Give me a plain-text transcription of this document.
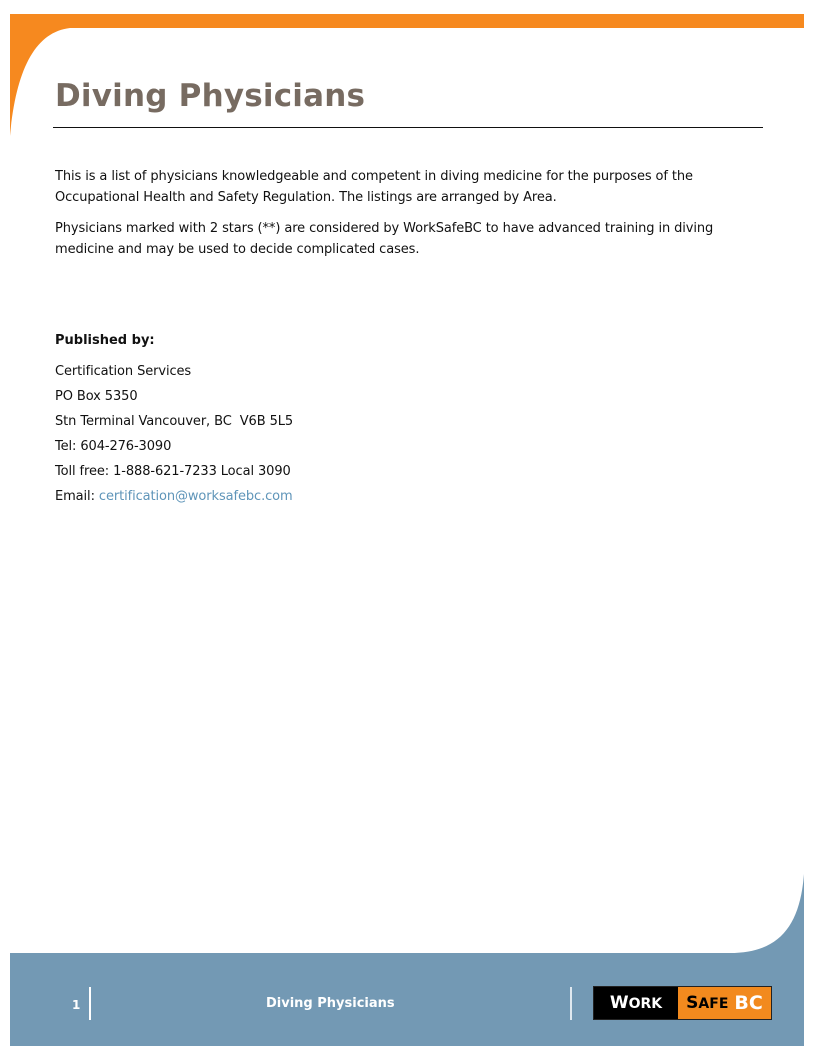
Diving Physicians

This is a list of physicians knowledgeable and competent in diving medicine for the purposes of the Occupational Health and Safety Regulation. The listings are arranged by Area.

Physicians marked with 2 stars (**) are considered by WorkSafeBC to have advanced training in diving medicine and may be used to decide complicated cases.

Published by:

Certification Services

PO Box 5350

Stn Terminal Vancouver, BC  V6B 5L5

Tel: 604-276-3090

Toll free: 1-888-621-7233 Local 3090

Email: certification@worksafebc.com

1	Diving Physicians	WORK SAFE BC
